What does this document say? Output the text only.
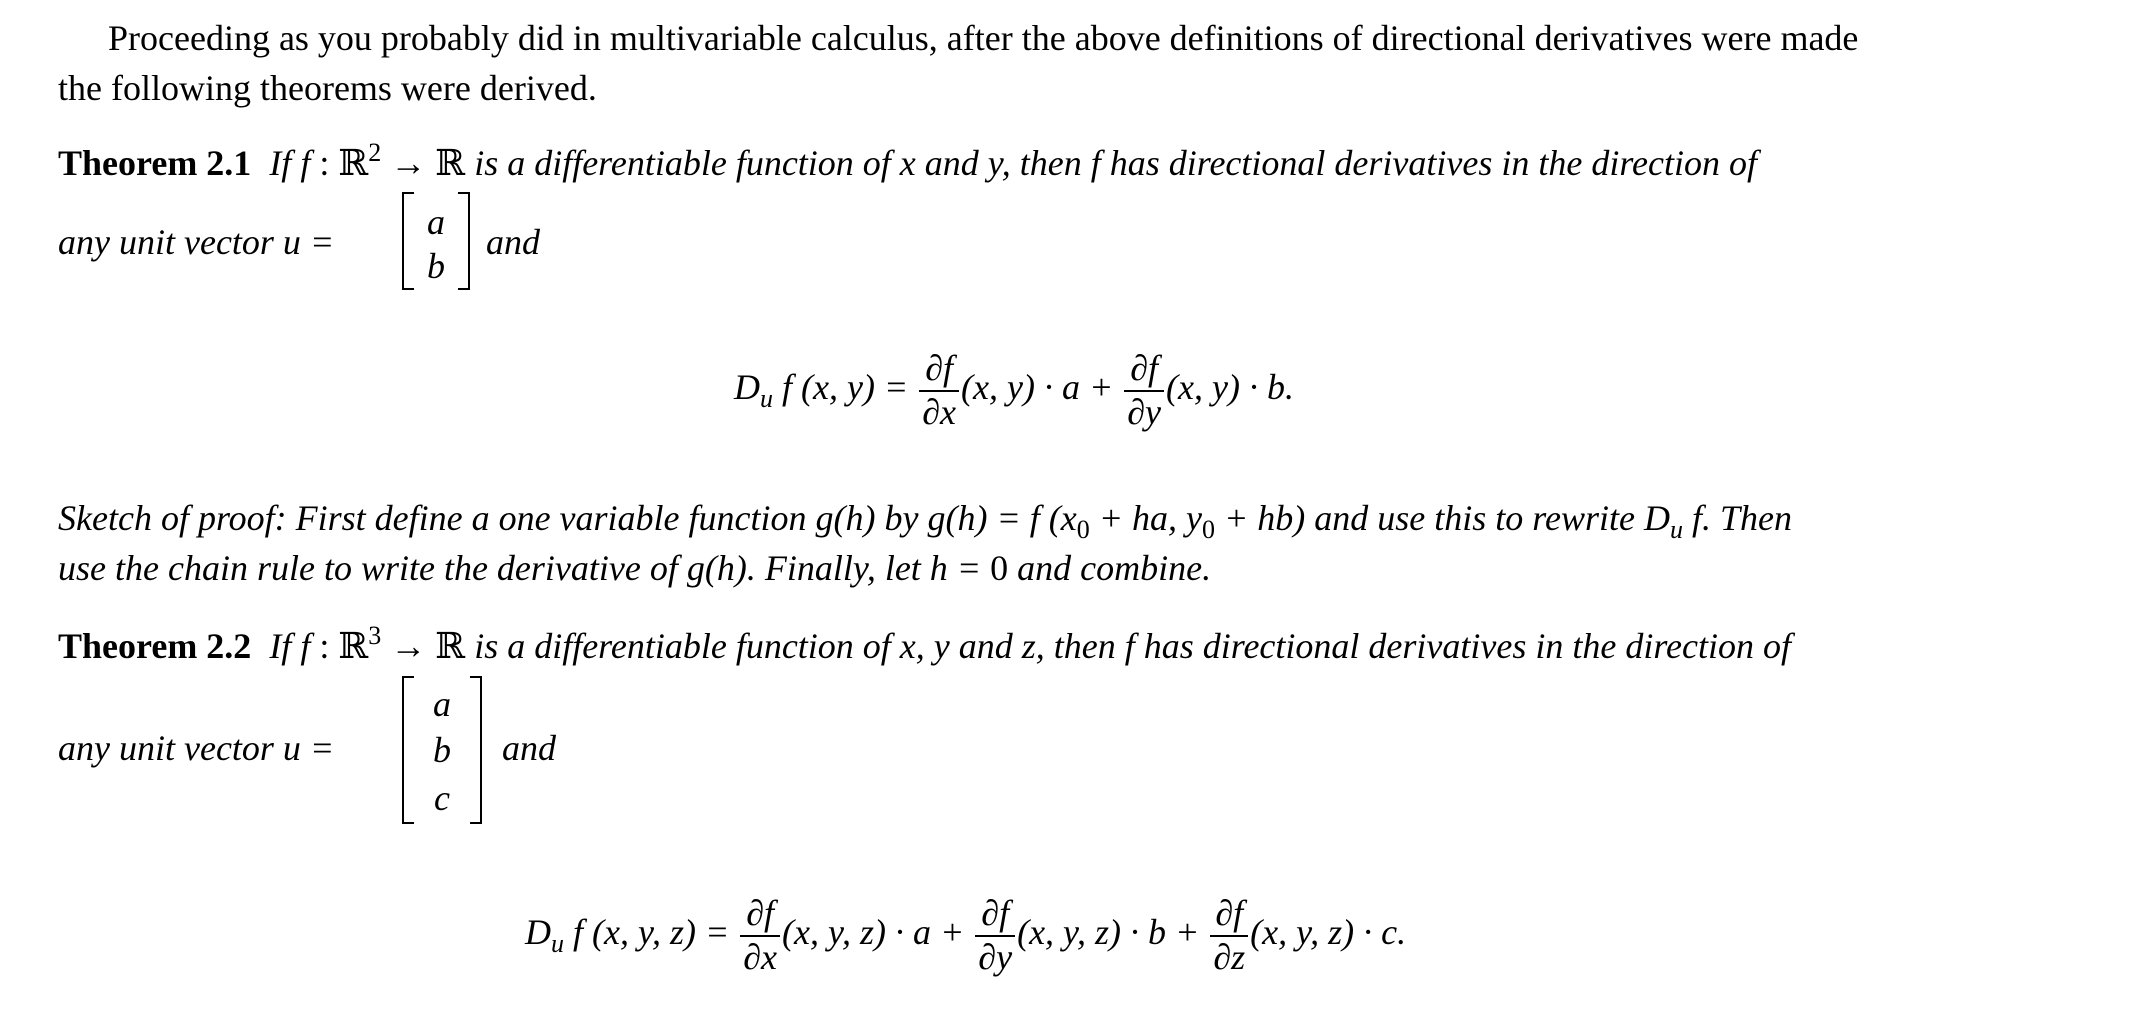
Proceeding as you probably did in multivariable calculus, after the above definitions of directional derivatives were made
the following theorems were derived.
Theorem 2.1 If f : ℝ$^2$ → ℝ is a differentiable function of x and y, then f has directional derivatives in the direction of
any unit vector u =	a
b
and
$D_u$ f (x, $y) = \frac{\partial f}{\partial x} (x$, $y) \cdot a + \frac{\partial f}{\partial y} (x$, y) · b.
Sketch of proof: First define a one variable function g(h) by g(h) = f ($x_0$ + ha, $y_0 + hb$) and use this to rewrite $D_u$ f. Then
use the chain rule to write the derivative of g(h). Finally, let h = 0 and combine.
Theorem 2.2 If f : ℝ$^3$ → ℝ is a differentiable function of x, y and z, then f has directional derivatives in the direction of
any unit vector u =
a
b
c
and
$D_u$ f (x, y, $z) = \frac{\partial f}{\partial x} (x$, y, $z) \cdot a + \frac{\partial f}{\partial y} (x$, y, $z) \cdot b + \frac{\partial f}{\partial z} (x$, y, z) · c.
